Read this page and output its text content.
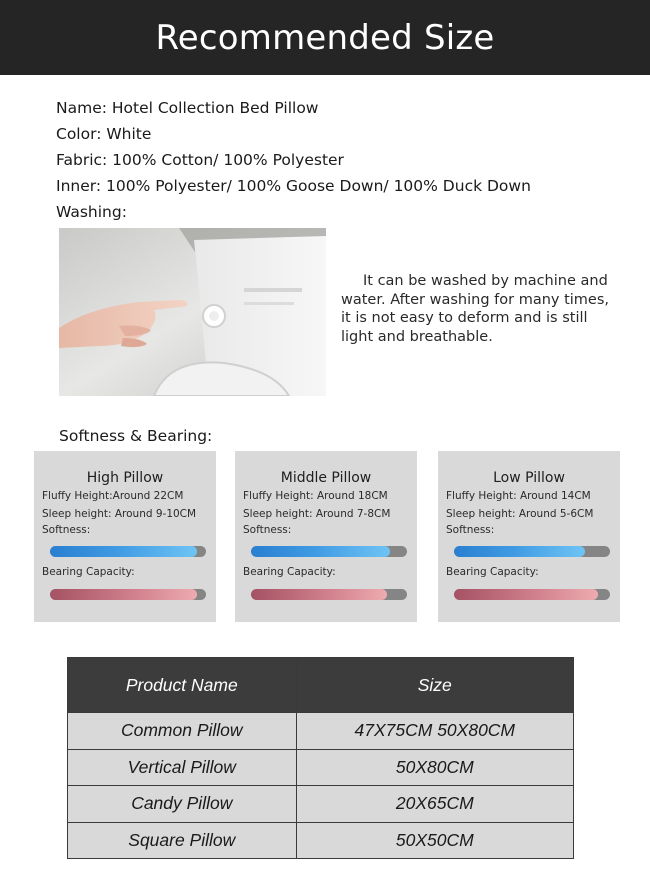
Recommended Size
Name: Hotel Collection Bed Pillow
Color: White
Fabric: 100% Cotton/ 100% Polyester
Inner: 100% Polyester/ 100% Goose Down/ 100% Duck Down
Washing:
It can be washed by machine and water. After washing for many times, it is not easy to deform and is still light and breathable.
Softness & Bearing:
High Pillow
Fluffy Height:Around 22CM
Sleep height: Around 9-10CM
Softness:
Bearing Capacity:
Middle Pillow
Fluffy Height: Around 18CM
Sleep height: Around 7-8CM
Softness:
Bearing Capacity:
Low Pillow
Fluffy Height: Around 14CM
Sleep height: Around 5-6CM
Softness:
Bearing Capacity:
Product Name	Size
Common Pillow	47X75CM 50X80CM
Vertical Pillow	50X80CM
Candy Pillow	20X65CM
Square Pillow	50X50CM
